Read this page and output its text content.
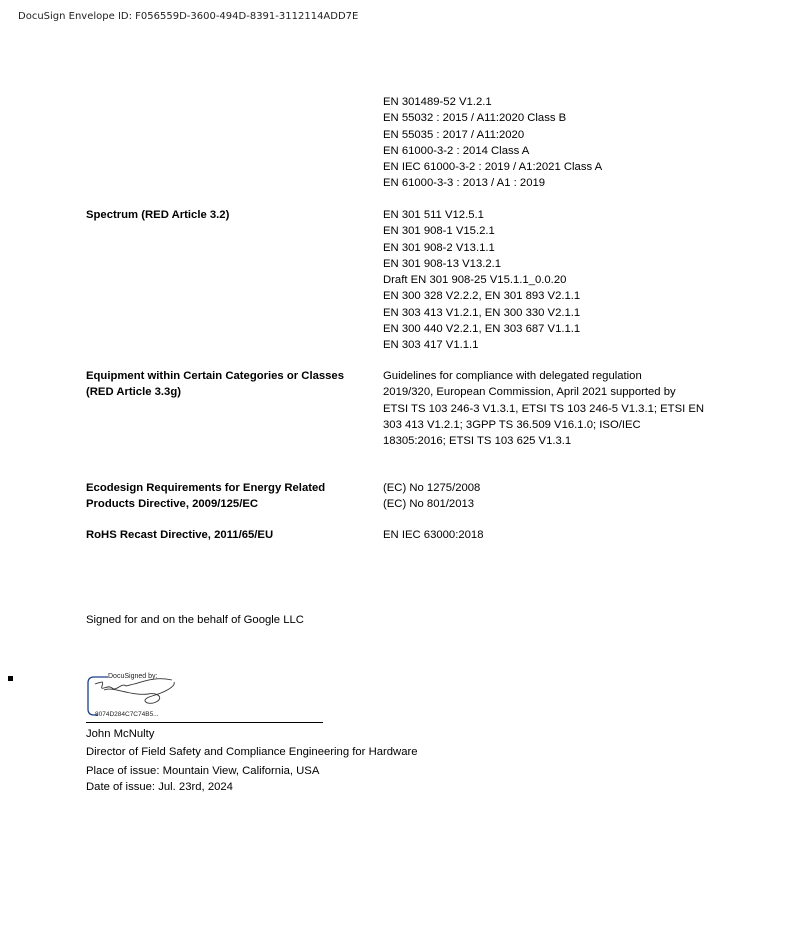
DocuSign Envelope ID: F056559D-3600-494D-8391-3112114ADD7E
EN 301489-52 V1.2.1
EN 55032 : 2015 / A11:2020 Class B
EN 55035 : 2017 / A11:2020
EN 61000-3-2 : 2014 Class A
EN IEC 61000-3-2 : 2019 / A1:2021 Class A
EN 61000-3-3 : 2013 / A1 : 2019
Spectrum (RED Article 3.2)	EN 301 511 V12.5.1
EN 301 908-1 V15.2.1
EN 301 908-2 V13.1.1
EN 301 908-13 V13.2.1
Draft EN 301 908-25 V15.1.1_0.0.20
EN 300 328 V2.2.2, EN 301 893 V2.1.1
EN 303 413 V1.2.1, EN 300 330 V2.1.1
EN 300 440 V2.2.1, EN 303 687 V1.1.1
EN 303 417 V1.1.1
Equipment within Certain Categories or Classes
(RED Article 3.3g)
Guidelines for compliance with delegated regulation
2019/320, European Commission, April 2021 supported by
ETSI TS 103 246-3 V1.3.1, ETSI TS 103 246-5 V1.3.1; ETSI EN
303 413 V1.2.1; 3GPP TS 36.509 V16.1.0; ISO/IEC
18305:2016; ETSI TS 103 625 V1.3.1
Ecodesign Requirements for Energy Related
Products Directive, 2009/125/EC
(EC) No 1275/2008
(EC) No 801/2013
RoHS Recast Directive, 2011/65/EU	EN IEC 63000:2018
Signed for and on the behalf of Google LLC
DocuSigned by:
8074D284C7C74B5...
John McNulty
Director of Field Safety and Compliance Engineering for Hardware
Place of issue: Mountain View, California, USA
Date of issue: Jul. 23rd, 2024
